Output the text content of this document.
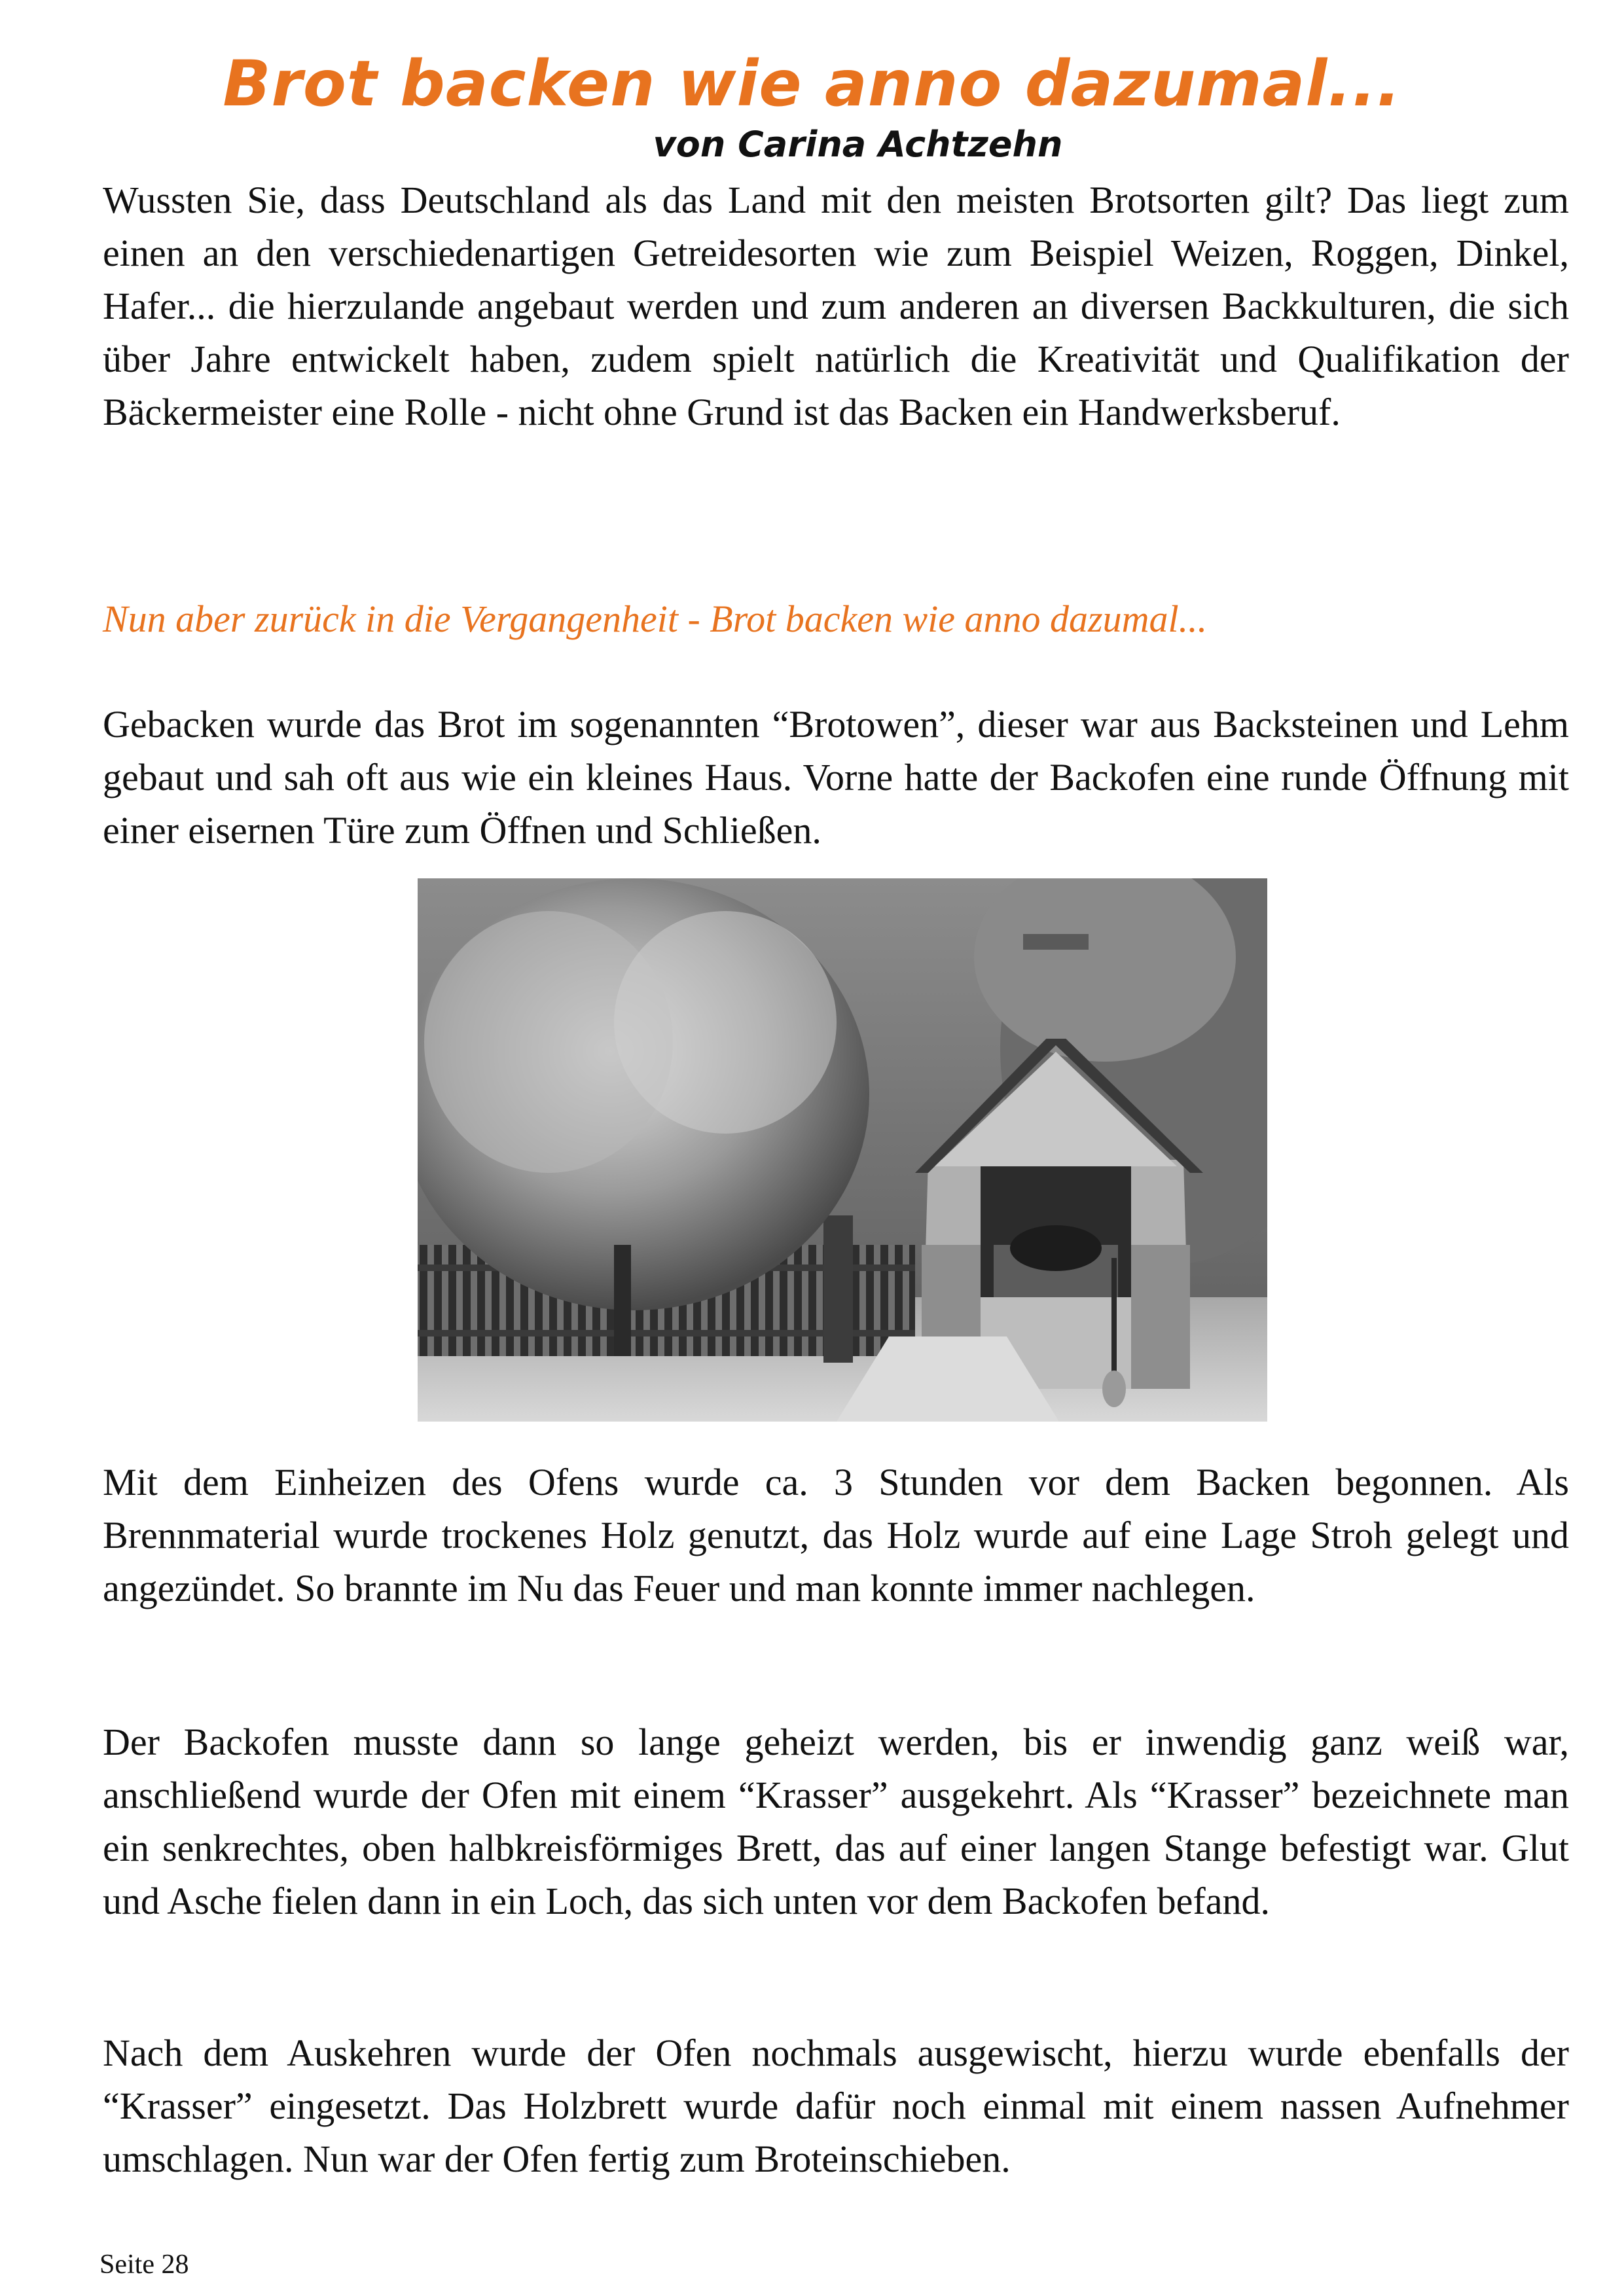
Brot backen wie anno dazumal...
von Carina Achtzehn

Wussten Sie, dass Deutschland als das Land mit den meisten Brotsorten gilt? Das liegt zum einen an den verschiedenartigen Getreidesorten wie zum Beispiel Weizen, Roggen, Dinkel, Hafer... die hierzulande angebaut werden und zum anderen an diversen Backkulturen, die sich über Jahre entwickelt haben, zudem spielt natürlich die Kreativität und Qualifikation der Bäckermeister eine Rolle - nicht ohne Grund ist das Backen ein Handwerksberuf.

Nun aber zurück in die Vergangenheit - Brot backen wie anno dazumal...

Gebacken wurde das Brot im sogenannten “Brotowen”, dieser war aus Backsteinen und Lehm gebaut und sah oft aus wie ein kleines Haus. Vorne hatte der Backofen eine runde Öffnung mit einer eisernen Türe zum Öffnen und Schließen.

Mit dem Einheizen des Ofens wurde ca. 3 Stunden vor dem Backen begonnen. Als Brennmaterial wurde trockenes Holz genutzt, das Holz wurde auf eine Lage Stroh gelegt und angezündet. So brannte im Nu das Feuer und man konnte immer nachlegen.

Der Backofen musste dann so lange geheizt werden, bis er inwendig ganz weiß war, anschließend wurde der Ofen mit einem “Krasser” ausgekehrt. Als “Krasser” bezeichnete man ein senkrechtes, oben halbkreisförmiges Brett, das auf einer langen Stange befestigt war. Glut und Asche fielen dann in ein Loch, das sich unten vor dem Backofen befand.

Nach dem Auskehren wurde der Ofen nochmals ausgewischt, hierzu wurde ebenfalls der “Krasser” eingesetzt. Das Holzbrett wurde dafür noch einmal mit einem nassen Aufnehmer umschlagen. Nun war der Ofen fertig zum Broteinschieben.

Seite 28
